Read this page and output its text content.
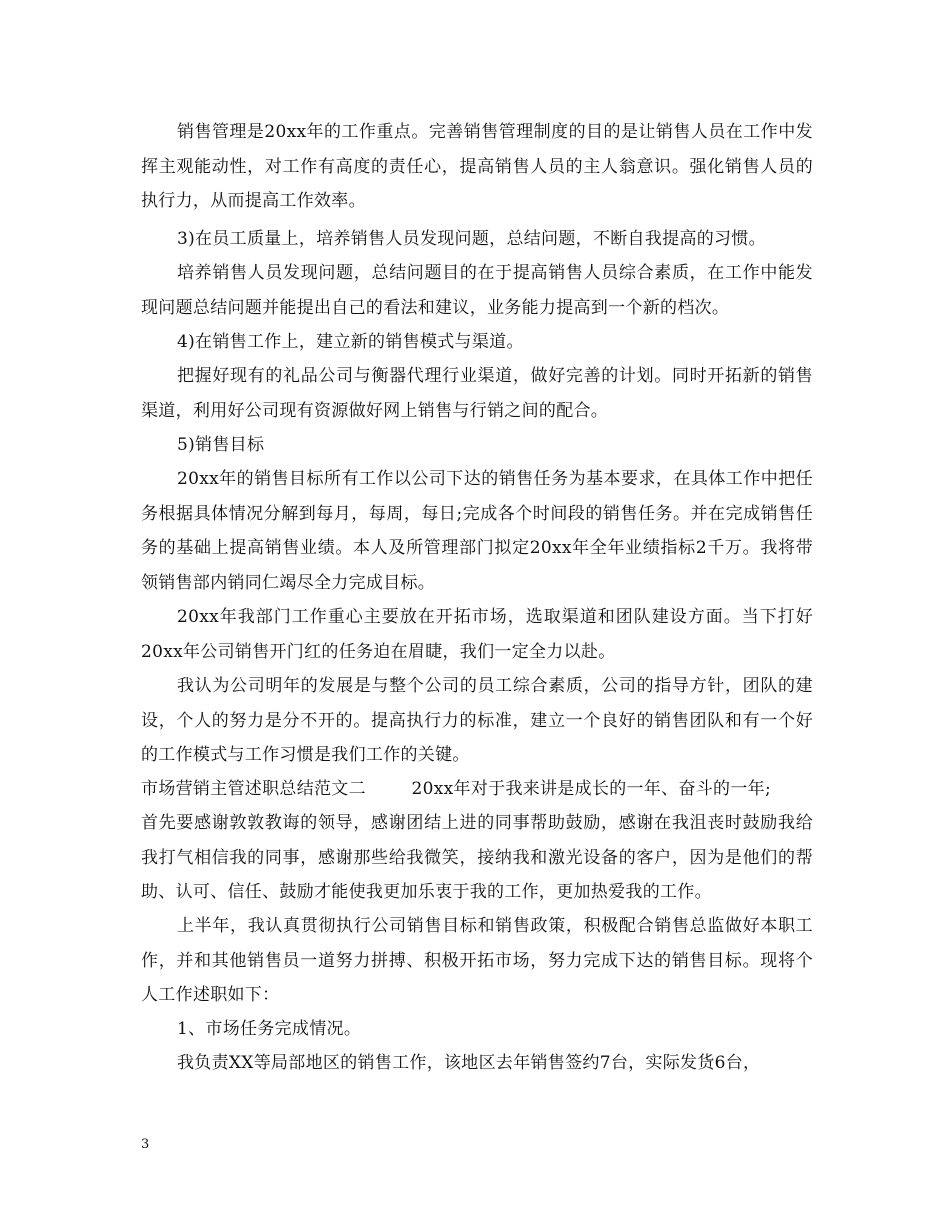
销售管理是20xx年的工作重点。完善销售管理制度的目的是让销售人员在工作中发挥主观能动性，对工作有高度的责任心，提高销售人员的主人翁意识。强化销售人员的执行力，从而提高工作效率。

3)在员工质量上，培养销售人员发现问题，总结问题，不断自我提高的习惯。

培养销售人员发现问题，总结问题目的在于提高销售人员综合素质，在工作中能发现问题总结问题并能提出自己的看法和建议，业务能力提高到一个新的档次。

4)在销售工作上，建立新的销售模式与渠道。

把握好现有的礼品公司与衡器代理行业渠道，做好完善的计划。同时开拓新的销售渠道，利用好公司现有资源做好网上销售与行销之间的配合。

5)销售目标

20xx年的销售目标所有工作以公司下达的销售任务为基本要求，在具体工作中把任务根据具体情况分解到每月，每周，每日;完成各个时间段的销售任务。并在完成销售任务的基础上提高销售业绩。本人及所管理部门拟定20xx年全年业绩指标2千万。我将带领销售部内销同仁竭尽全力完成目标。

20xx年我部门工作重心主要放在开拓市场，选取渠道和团队建设方面。当下打好20xx年公司销售开门红的任务迫在眉睫，我们一定全力以赴。

我认为公司明年的发展是与整个公司的员工综合素质，公司的指导方针，团队的建设，个人的努力是分不开的。提高执行力的标准，建立一个良好的销售团队和有一个好的工作模式与工作习惯是我们工作的关键。

市场营销主管述职总结范文二	20xx年对于我来讲是成长的一年、奋斗的一年;

首先要感谢敦敦教诲的领导，感谢团结上进的同事帮助鼓励，感谢在我沮丧时鼓励我给我打气相信我的同事，感谢那些给我微笑，接纳我和激光设备的客户，因为是他们的帮助、认可、信任、鼓励才能使我更加乐衷于我的工作，更加热爱我的工作。

上半年，我认真贯彻执行公司销售目标和销售政策，积极配合销售总监做好本职工作，并和其他销售员一道努力拼搏、积极开拓市场，努力完成下达的销售目标。现将个人工作述职如下：

1、市场任务完成情况。

我负责XX等局部地区的销售工作，该地区去年销售签约7台，实际发货6台，

3
